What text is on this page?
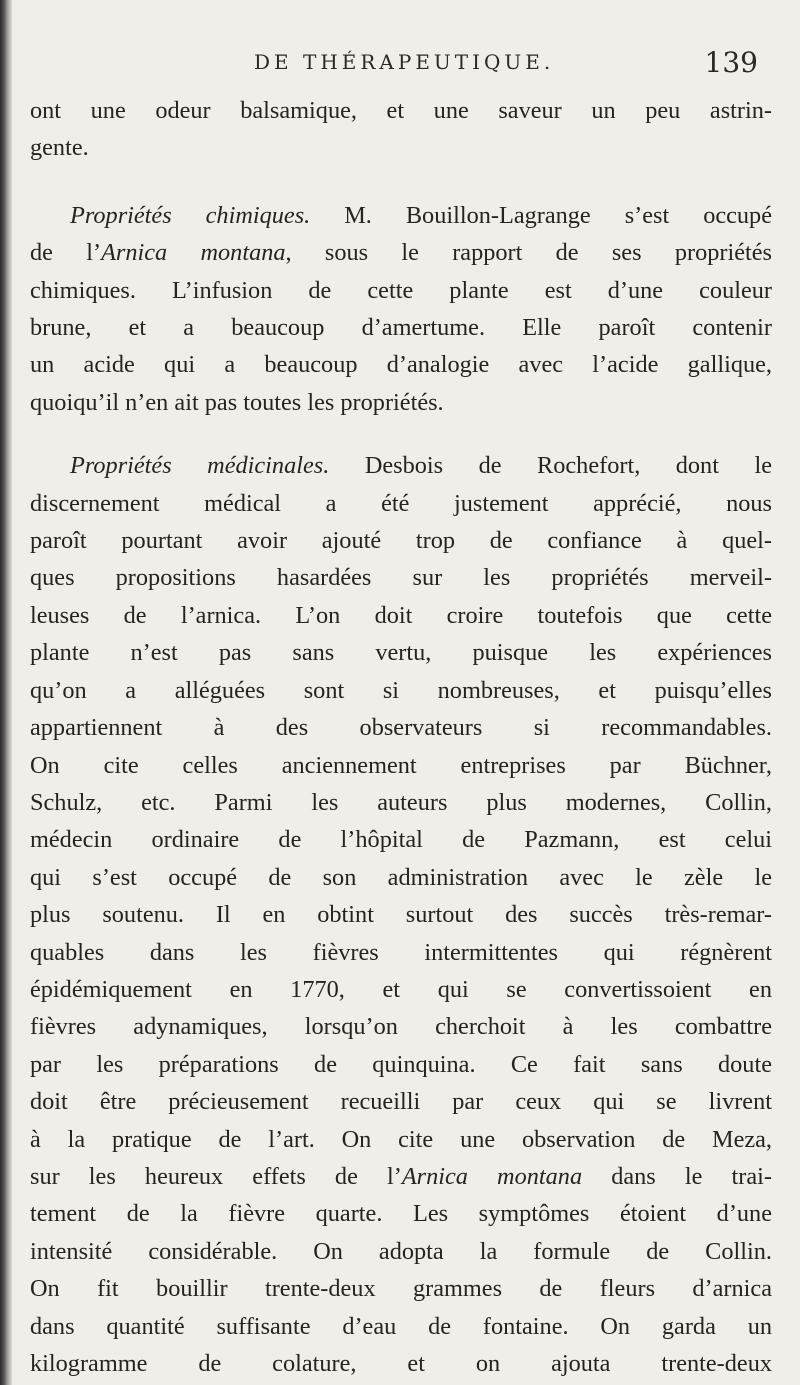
DE THÉRAPEUTIQUE.	139

ont une odeur balsamique, et une saveur un peu astrin-
gente.

Propriétés chimiques. M. Bouillon-Lagrange s’est occupé
de l’Arnica montana, sous le rapport de ses propriétés
chimiques. L’infusion de cette plante est d’une couleur
brune, et a beaucoup d’amertume. Elle paroît contenir
un acide qui a beaucoup d’analogie avec l’acide gallique,
quoiqu’il n’en ait pas toutes les propriétés.

Propriétés médicinales. Desbois de Rochefort, dont le
discernement médical a été justement apprécié, nous
paroît pourtant avoir ajouté trop de confiance à quel-
ques propositions hasardées sur les propriétés merveil-
leuses de l’arnica. L’on doit croire toutefois que cette
plante n’est pas sans vertu, puisque les expériences
qu’on a alléguées sont si nombreuses, et puisqu’elles
appartiennent à des observateurs si recommandables.
On cite celles anciennement entreprises par Büchner,
Schulz, etc. Parmi les auteurs plus modernes, Collin,
médecin ordinaire de l’hôpital de Pazmann, est celui
qui s’est occupé de son administration avec le zèle le
plus soutenu. Il en obtint surtout des succès très-remar-
quables dans les fièvres intermittentes qui régnèrent
épidémiquement en 1770, et qui se convertissoient en
fièvres adynamiques, lorsqu’on cherchoit à les combattre
par les préparations de quinquina. Ce fait sans doute
doit être précieusement recueilli par ceux qui se livrent
à la pratique de l’art. On cite une observation de Meza,
sur les heureux effets de l’Arnica montana dans le trai-
tement de la fièvre quarte. Les symptômes étoient d’une
intensité considérable. On adopta la formule de Collin.
On fit bouillir trente-deux grammes de fleurs d’arnica
dans quantité suffisante d’eau de fontaine. On garda un
kilogramme de colature, et on ajouta trente-deux
